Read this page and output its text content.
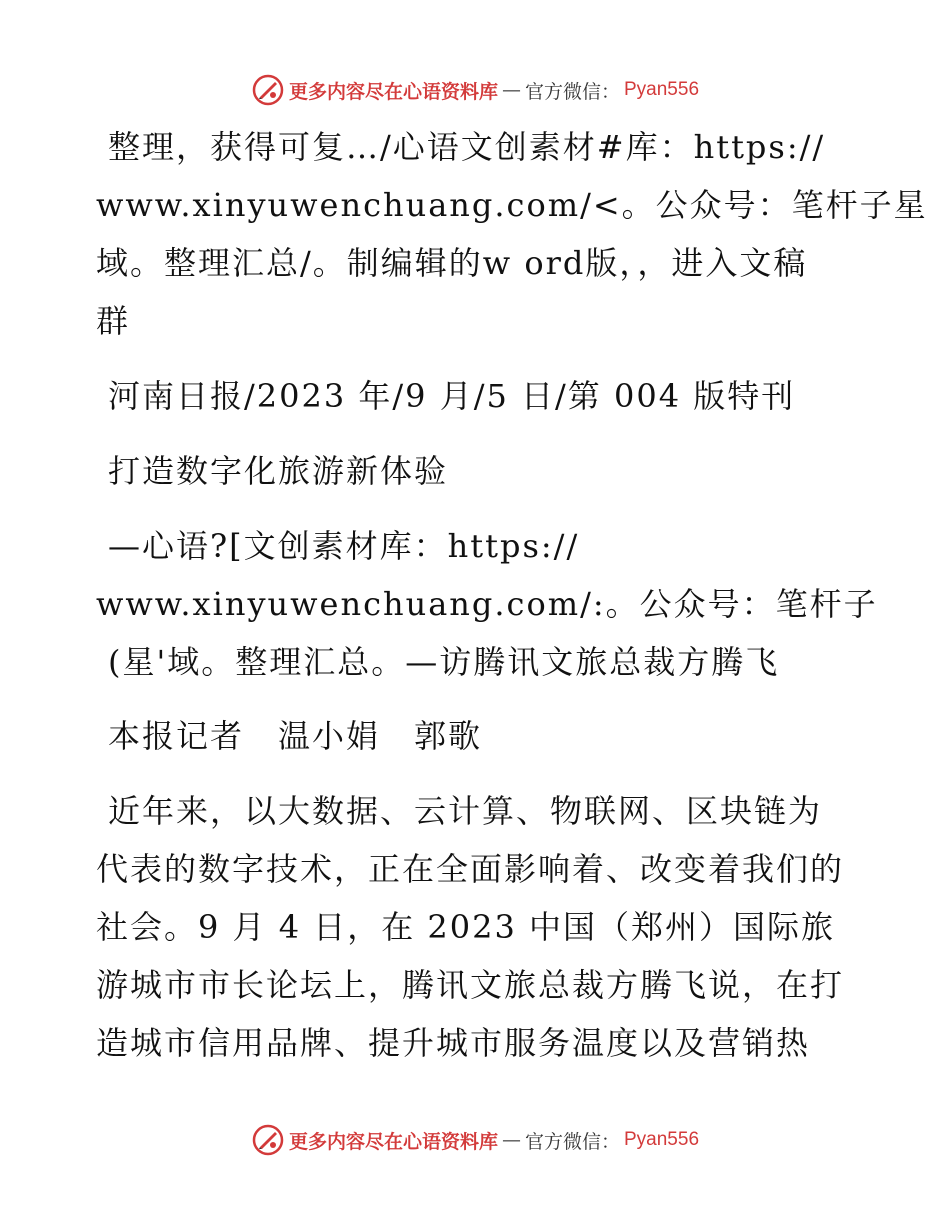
更多内容尽在心语资料库 — 官方微信： Pyan556
整理，获得可复…/心语文创素材#库：https://
www.xinyuwenchuang.com/<。公众号：笔杆子星
域。整理汇总/。制编辑的w ord版，，进入文稿
群
河南日报/2023 年/9 月/5 日/第 004 版特刊
打造数字化旅游新体验
—心语?[文创素材库：https://
www.xinyuwenchuang.com/:。公众号：笔杆子
(星'域。整理汇总。—访腾讯文旅总裁方腾飞
本报记者　温小娟　郭歌
近年来，以大数据、云计算、物联网、区块链为
代表的数字技术，正在全面影响着、改变着我们的
社会。9 月 4 日，在 2023 中国（郑州）国际旅
游城市市长论坛上，腾讯文旅总裁方腾飞说，在打
造城市信用品牌、提升城市服务温度以及营销热
更多内容尽在心语资料库 — 官方微信： Pyan556
